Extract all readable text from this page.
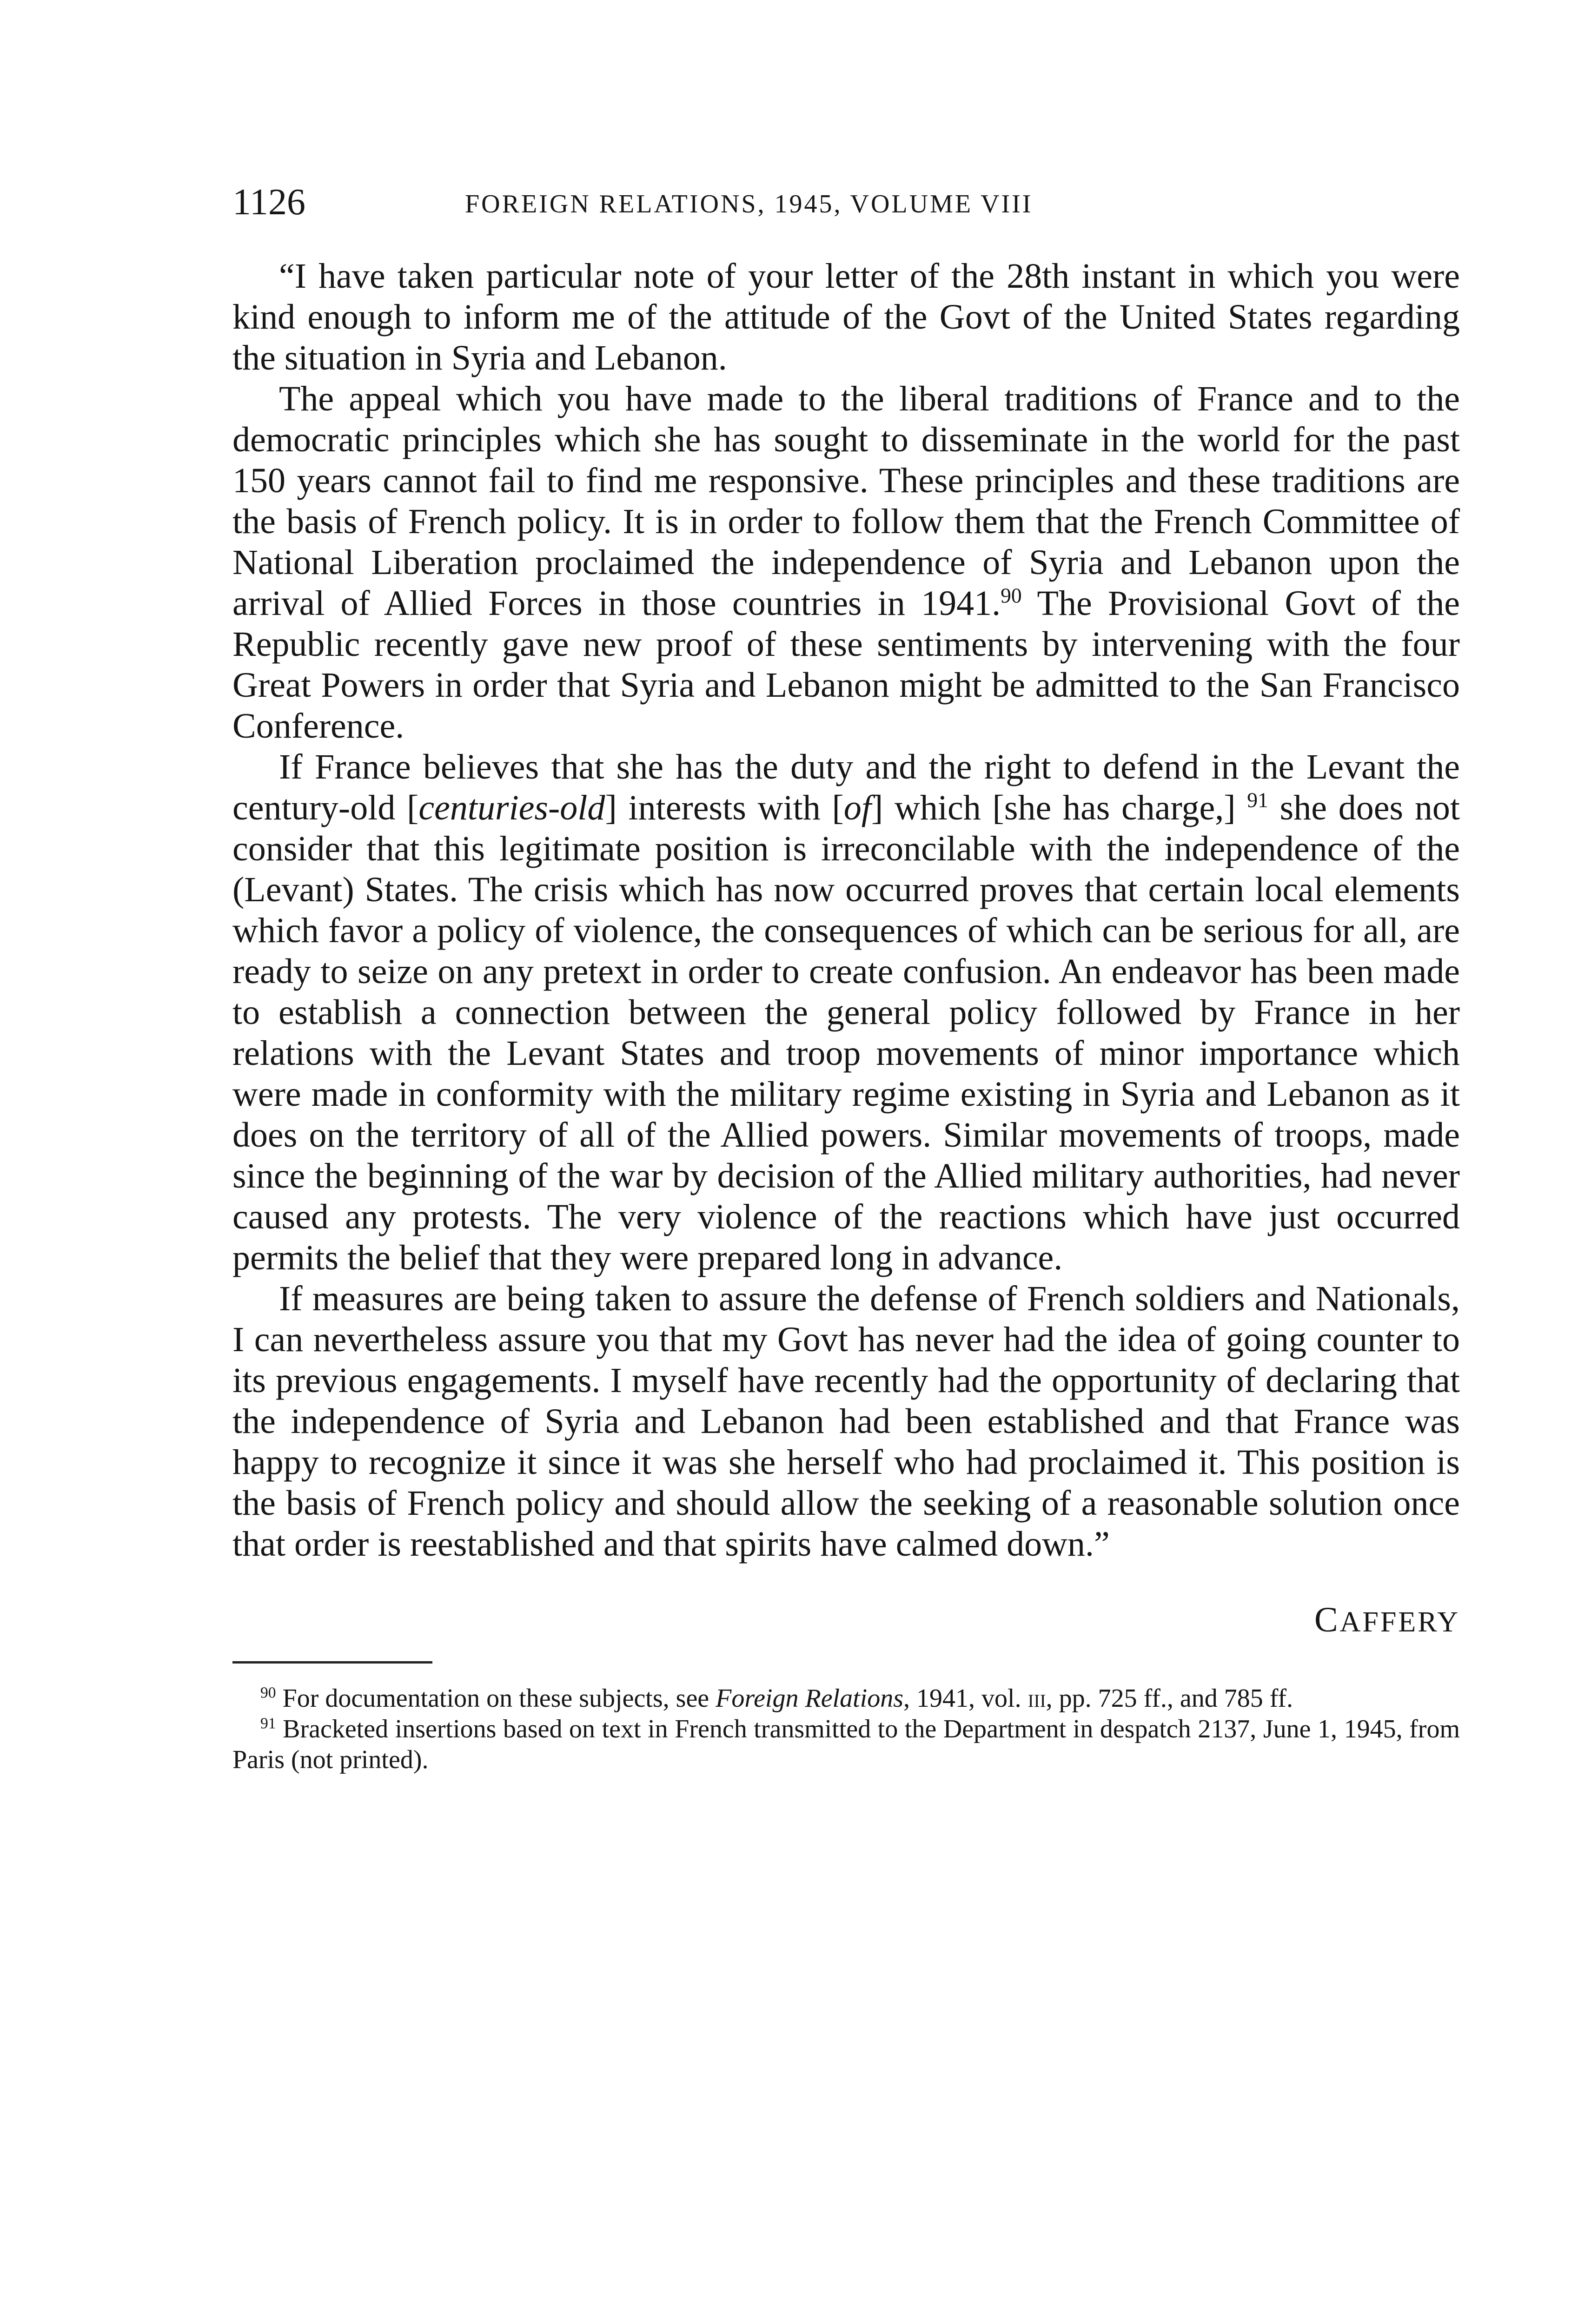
1126	FOREIGN RELATIONS, 1945, VOLUME VIII

“I have taken particular note of your letter of the 28th instant in which you were kind enough to inform me of the attitude of the Govt of the United States regarding the situation in Syria and Lebanon.

The appeal which you have made to the liberal traditions of France and to the democratic principles which she has sought to disseminate in the world for the past 150 years cannot fail to find me responsive. These principles and these traditions are the basis of French policy. It is in order to follow them that the French Committee of National Liberation proclaimed the independence of Syria and Lebanon upon the arrival of Allied Forces in those countries in 1941.90 The Provisional Govt of the Republic recently gave new proof of these sentiments by intervening with the four Great Powers in order that Syria and Lebanon might be admitted to the San Francisco Conference.

If France believes that she has the duty and the right to defend in the Levant the century-old [centuries-old] interests with [of] which [she has charge,] $^{91}$ she does not consider that this legitimate position is irreconcilable with the independence of the (Levant) States. The crisis which has now occurred proves that certain local elements which favor a policy of violence, the consequences of which can be serious for all, are ready to seize on any pretext in order to create confusion. An endeavor has been made to establish a connection between the general policy followed by France in her relations with the Levant States and troop movements of minor importance which were made in conformity with the military regime existing in Syria and Lebanon as it does on the territory of all of the Allied powers. Similar movements of troops, made since the beginning of the war by decision of the Allied military authorities, had never caused any protests. The very violence of the reactions which have just occurred permits the belief that they were prepared long in advance.

If measures are being taken to assure the defense of French soldiers and Nationals, I can nevertheless assure you that my Govt has never had the idea of going counter to its previous engagements. I myself have recently had the opportunity of declaring that the independence of Syria and Lebanon had been established and that France was happy to recognize it since it was she herself who had proclaimed it. This position is the basis of French policy and should allow the seeking of a reasonable solution once that order is reestablished and that spirits have calmed down.”

CAFFERY

$^{90}$ For documentation on these subjects, see Foreign Relations, 1941, vol. iii, pp. 725 ff., and 785 ff.

$^{91}$ Bracketed insertions based on text in French transmitted to the Department in despatch 2137, June 1, 1945, from Paris (not printed).
